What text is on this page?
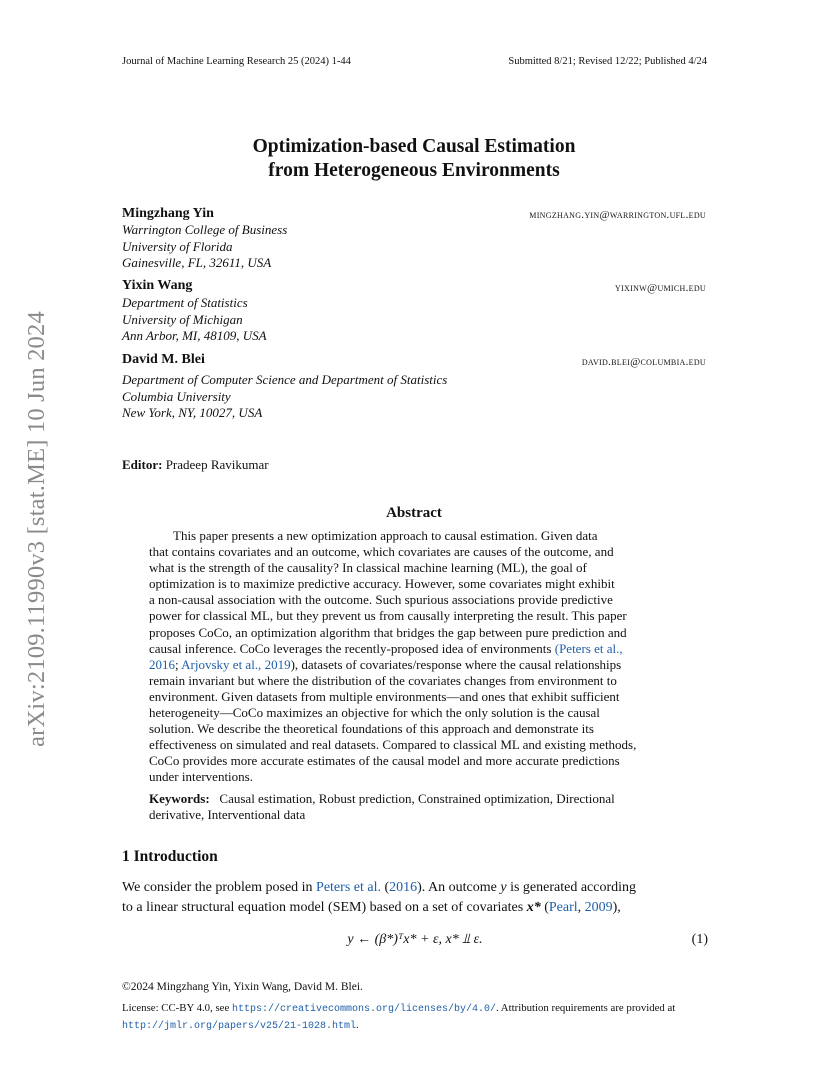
Journal of Machine Learning Research 25 (2024) 1-44	Submitted 8/21; Revised 12/22; Published 4/24
arXiv:2109.11990v3 [stat.ME] 10 Jun 2024
Optimization-based Causal Estimation
from Heterogeneous Environments
Mingzhang Yin	mingzhang.yin@warrington.ufl.edu
Warrington College of Business
University of Florida
Gainesville, FL, 32611, USA
Yixin Wang	yixinw@umich.edu
Department of Statistics
University of Michigan
Ann Arbor, MI, 48109, USA
David M. Blei	david.blei@columbia.edu
Department of Computer Science and Department of Statistics
Columbia University
New York, NY, 10027, USA
Editor: Pradeep Ravikumar
Abstract
This paper presents a new optimization approach to causal estimation. Given data
that contains covariates and an outcome, which covariates are causes of the outcome, and
what is the strength of the causality? In classical machine learning (ML), the goal of
optimization is to maximize predictive accuracy. However, some covariates might exhibit
a non-causal association with the outcome. Such spurious associations provide predictive
power for classical ML, but they prevent us from causally interpreting the result. This paper
proposes CoCo, an optimization algorithm that bridges the gap between pure prediction and
causal inference. CoCo leverages the recently-proposed idea of environments (Peters et al.,
2016; Arjovsky et al., 2019), datasets of covariates/response where the causal relationships
remain invariant but where the distribution of the covariates changes from environment to
environment. Given datasets from multiple environments—and ones that exhibit sufficient
heterogeneity—CoCo maximizes an objective for which the only solution is the causal
solution. We describe the theoretical foundations of this approach and demonstrate its
effectiveness on simulated and real datasets. Compared to classical ML and existing methods,
CoCo provides more accurate estimates of the causal model and more accurate predictions
under interventions.
Keywords: Causal estimation, Robust prediction, Constrained optimization, Directional
derivative, Interventional data
1 Introduction
We consider the problem posed in Peters et al. (2016). An outcome y is generated according
to a linear structural equation model (SEM) based on a set of covariates x* (Pearl, 2009),
y ← (β*)ᵀx* + ε, x* ⫫ ε.	(1)
©2024 Mingzhang Yin, Yixin Wang, David M. Blei.
License: CC-BY 4.0, see https://creativecommons.org/licenses/by/4.0/. Attribution requirements are provided at
http://jmlr.org/papers/v25/21-1028.html.
